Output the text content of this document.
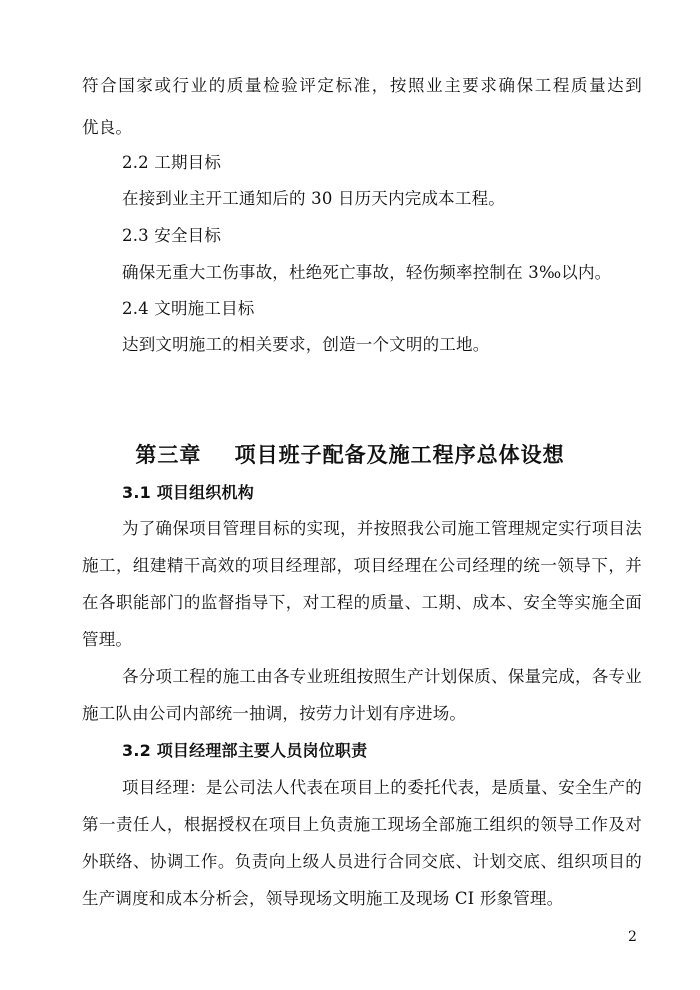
符合国家或行业的质量检验评定标准，按照业主要求确保工程质量达到
优良。
2.2 工期目标
在接到业主开工通知后的 30 日历天内完成本工程。
2.3 安全目标
确保无重大工伤事故，杜绝死亡事故，轻伤频率控制在 3‰以内。
2.4 文明施工目标
达到文明施工的相关要求，创造一个文明的工地。
第三章    项目班子配备及施工程序总体设想
3.1 项目组织机构
为了确保项目管理目标的实现，并按照我公司施工管理规定实行项目法
施工，组建精干高效的项目经理部，项目经理在公司经理的统一领导下，并
在各职能部门的监督指导下，对工程的质量、工期、成本、安全等实施全面
管理。
各分项工程的施工由各专业班组按照生产计划保质、保量完成，各专业
施工队由公司内部统一抽调，按劳力计划有序进场。
3.2 项目经理部主要人员岗位职责
项目经理：是公司法人代表在项目上的委托代表，是质量、安全生产的
第一责任人，根据授权在项目上负责施工现场全部施工组织的领导工作及对
外联络、协调工作。负责向上级人员进行合同交底、计划交底、组织项目的
生产调度和成本分析会，领导现场文明施工及现场 CI 形象管理。
2
